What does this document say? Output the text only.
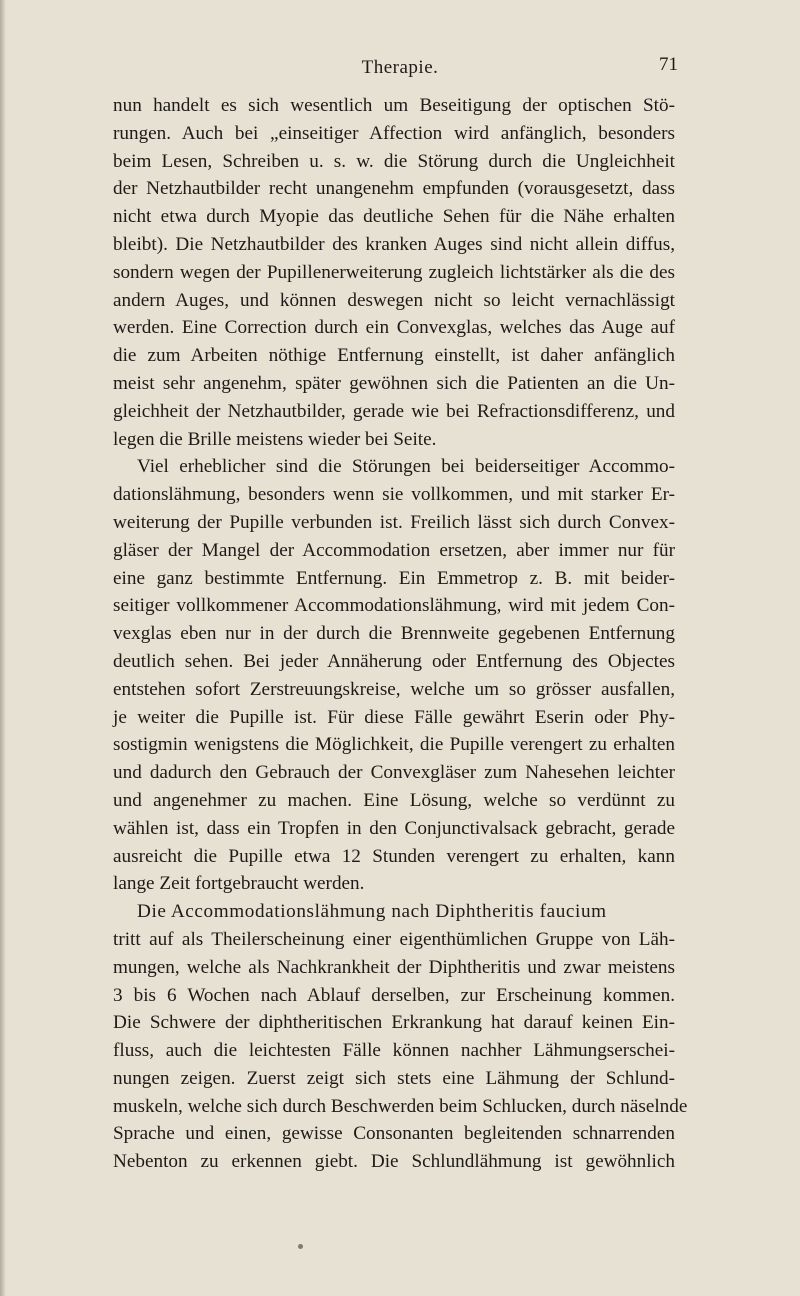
Therapie.	71
nun handelt es sich wesentlich um Beseitigung der optischen Stö-
rungen. Auch bei „einseitiger Affection wird anfänglich, besonders
beim Lesen, Schreiben u. s. w. die Störung durch die Ungleichheit
der Netzhautbilder recht unangenehm empfunden (vorausgesetzt, dass
nicht etwa durch Myopie das deutliche Sehen für die Nähe erhalten
bleibt). Die Netzhautbilder des kranken Auges sind nicht allein diffus,
sondern wegen der Pupillenerweiterung zugleich lichtstärker als die des
andern Auges, und können deswegen nicht so leicht vernachlässigt
werden. Eine Correction durch ein Convexglas, welches das Auge auf
die zum Arbeiten nöthige Entfernung einstellt, ist daher anfänglich
meist sehr angenehm, später gewöhnen sich die Patienten an die Un-
gleichheit der Netzhautbilder, gerade wie bei Refractionsdifferenz, und
legen die Brille meistens wieder bei Seite.
Viel erheblicher sind die Störungen bei beiderseitiger Accommo-
dationslähmung, besonders wenn sie vollkommen, und mit starker Er-
weiterung der Pupille verbunden ist. Freilich lässt sich durch Convex-
gläser der Mangel der Accommodation ersetzen, aber immer nur für
eine ganz bestimmte Entfernung. Ein Emmetrop z. B. mit beider-
seitiger vollkommener Accommodationslähmung, wird mit jedem Con-
vexglas eben nur in der durch die Brennweite gegebenen Entfernung
deutlich sehen. Bei jeder Annäherung oder Entfernung des Objectes
entstehen sofort Zerstreuungskreise, welche um so grösser ausfallen,
je weiter die Pupille ist. Für diese Fälle gewährt Eserin oder Phy-
sostigmin wenigstens die Möglichkeit, die Pupille verengert zu erhalten
und dadurch den Gebrauch der Convexgläser zum Nahesehen leichter
und angenehmer zu machen. Eine Lösung, welche so verdünnt zu
wählen ist, dass ein Tropfen in den Conjunctivalsack gebracht, gerade
ausreicht die Pupille etwa 12 Stunden verengert zu erhalten, kann
lange Zeit fortgebraucht werden.
Die Accommodationslähmung nach Diphtheritis faucium
tritt auf als Theilerscheinung einer eigenthümlichen Gruppe von Läh-
mungen, welche als Nachkrankheit der Diphtheritis und zwar meistens
3 bis 6 Wochen nach Ablauf derselben, zur Erscheinung kommen.
Die Schwere der diphtheritischen Erkrankung hat darauf keinen Ein-
fluss, auch die leichtesten Fälle können nachher Lähmungserschei-
nungen zeigen. Zuerst zeigt sich stets eine Lähmung der Schlund-
muskeln, welche sich durch Beschwerden beim Schlucken, durch näselnde
Sprache und einen, gewisse Consonanten begleitenden schnarrenden
Nebenton zu erkennen giebt. Die Schlundlähmung ist gewöhnlich
